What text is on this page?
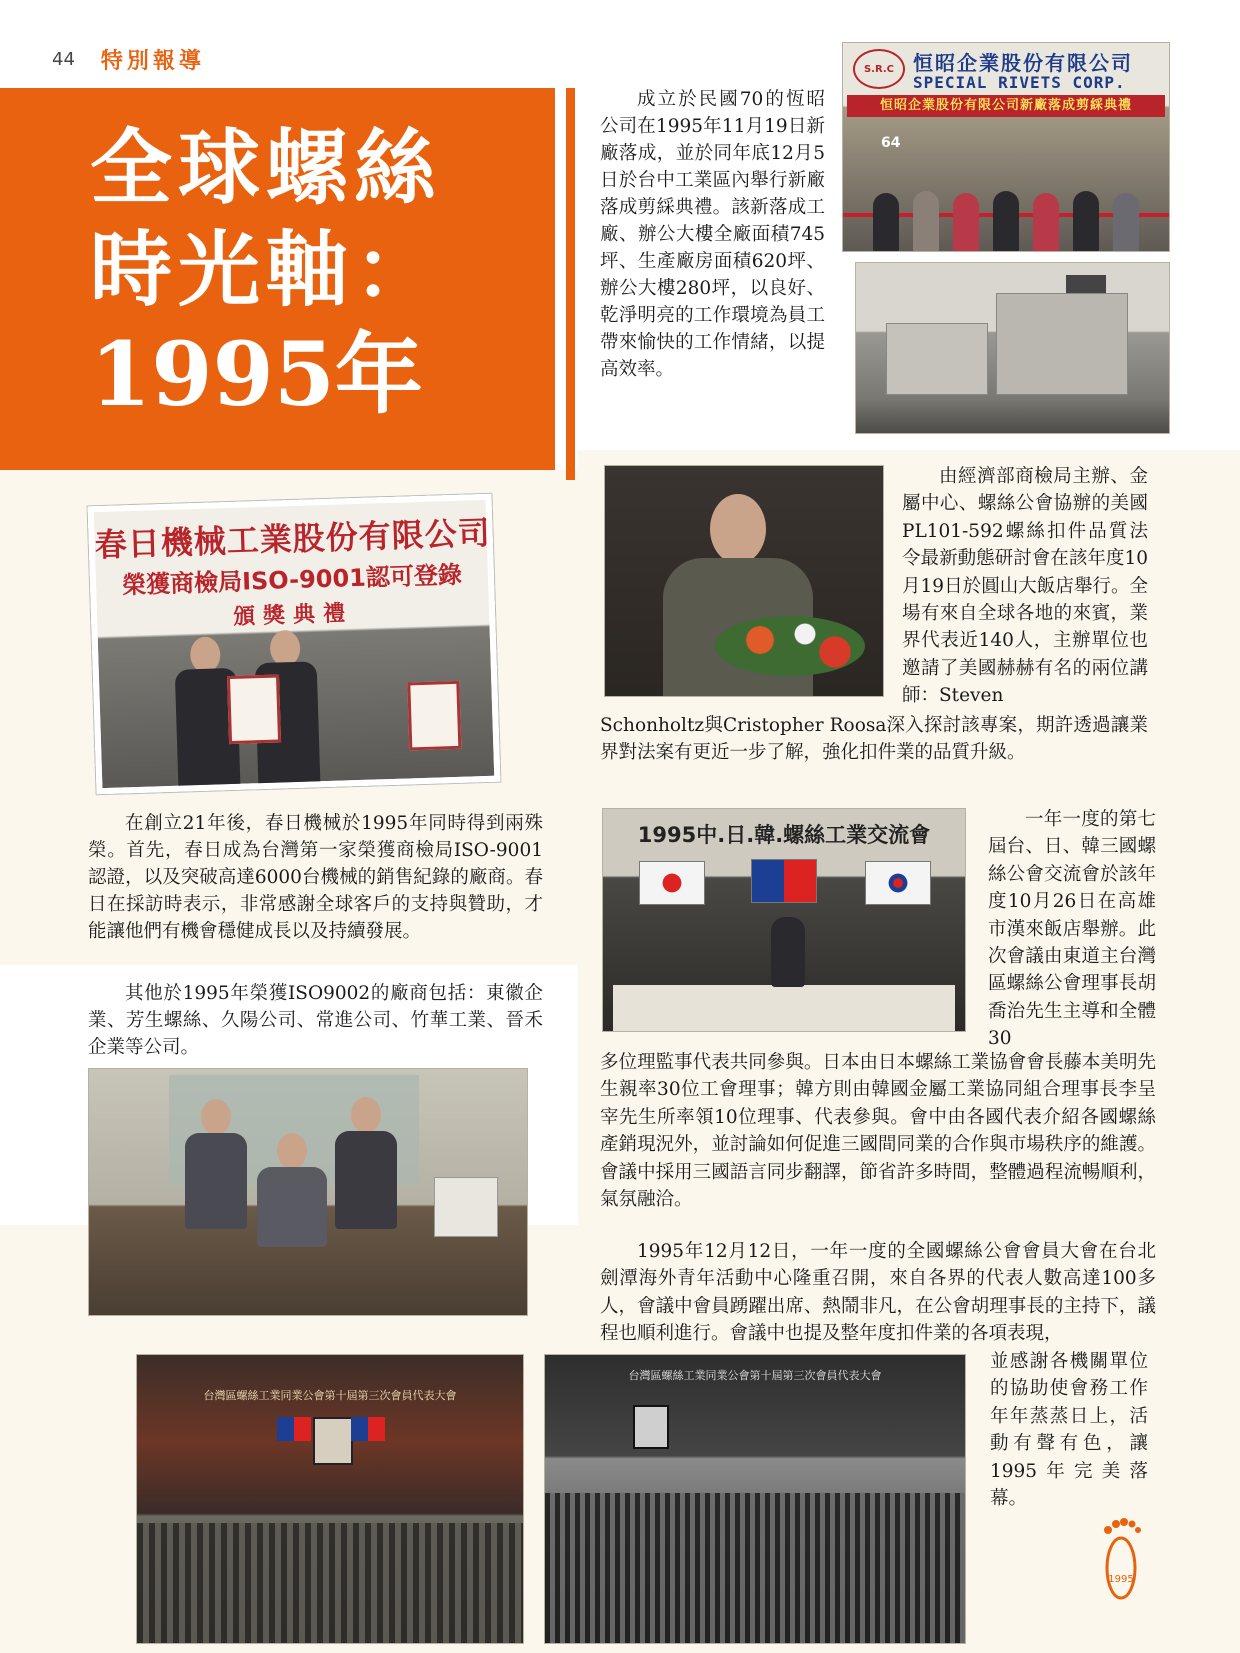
44 特別報導
全球螺絲
時光軸：
1995年

成立於民國70的恆昭公司在1995年11月19日新廠落成，並於同年底12月5日於台中工業區內舉行新廠落成剪綵典禮。該新落成工廠、辦公大樓全廠面積745坪、生產廠房面積620坪、辦公大樓280坪，以良好、乾淨明亮的工作環境為員工帶來愉快的工作情緒，以提高效率。

S.R.C 恒昭企業股份有限公司
SPECIAL RIVETS CORP.
恒昭企業股份有限公司新廠落成剪綵典禮
64

由經濟部商檢局主辦、金屬中心、螺絲公會協辦的美國PL101-592螺絲扣件品質法令最新動態研討會在該年度10月19日於圓山大飯店舉行。全場有來自全球各地的來賓，業界代表近140人，主辦單位也邀請了美國赫赫有名的兩位講師：Steven

Schonholtz與Cristopher Roosa深入探討該專案，期許透過讓業界對法案有更近一步了解，強化扣件業的品質升級。

春日機械工業股份有限公司
榮獲商檢局ISO-9001認可登錄
頒獎典禮

在創立21年後，春日機械於1995年同時得到兩殊榮。首先，春日成為台灣第一家榮獲商檢局ISO-9001認證，以及突破高達6000台機械的銷售紀錄的廠商。春日在採訪時表示，非常感謝全球客戶的支持與贊助，才能讓他們有機會穩健成長以及持續發展。

其他於1995年榮獲ISO9002的廠商包括：東徽企業、芳生螺絲、久陽公司、常進公司、竹華工業、晉禾企業等公司。

1995中.日.韓.螺絲工業交流會

一年一度的第七屆台、日、韓三國螺絲公會交流會於該年度10月26日在高雄市漢來飯店舉辦。此次會議由東道主台灣區螺絲公會理事長胡喬治先生主導和全體30

多位理監事代表共同參與。日本由日本螺絲工業協會會長藤本美明先生親率30位工會理事；韓方則由韓國金屬工業協同組合理事長李呈宰先生所率領10位理事、代表參與。會中由各國代表介紹各國螺絲產銷現況外，並討論如何促進三國間同業的合作與市場秩序的維護。會議中採用三國語言同步翻譯，節省許多時間，整體過程流暢順利，氣氛融洽。

1995年12月12日，一年一度的全國螺絲公會會員大會在台北劍潭海外青年活動中心隆重召開，來自各界的代表人數高達100多人，會議中會員踴躍出席、熱鬧非凡，在公會胡理事長的主持下，議程也順利進行。會議中也提及整年度扣件業的各項表現，

並感謝各機關單位的協助使會務工作年年蒸蒸日上，活動有聲有色，讓1995年完美落幕。

台灣區螺絲工業同業公會第十屆第三次會員代表大會
台灣區螺絲工業同業公會第十屆第三次會員代表大會
1995
